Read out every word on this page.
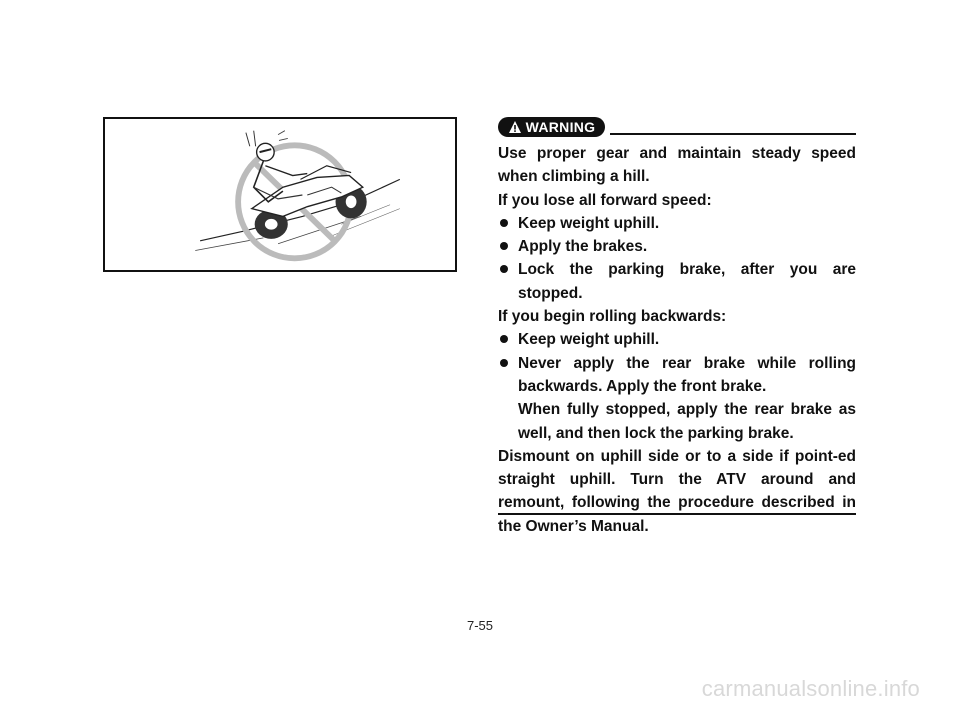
WARNING

Use proper gear and maintain steady speed when climbing a hill.

If you lose all forward speed:

Keep weight uphill.
Apply the brakes.
Lock the parking brake, after you are stopped.

If you begin rolling backwards:

Keep weight uphill.
Never apply the rear brake while rolling backwards. Apply the front brake.

When fully stopped, apply the rear brake as well, and then lock the parking brake.

Dismount on uphill side or to a side if point-ed straight uphill. Turn the ATV around and remount, following the procedure described in the Owner’s Manual.

7-55
carmanualsonline.info
